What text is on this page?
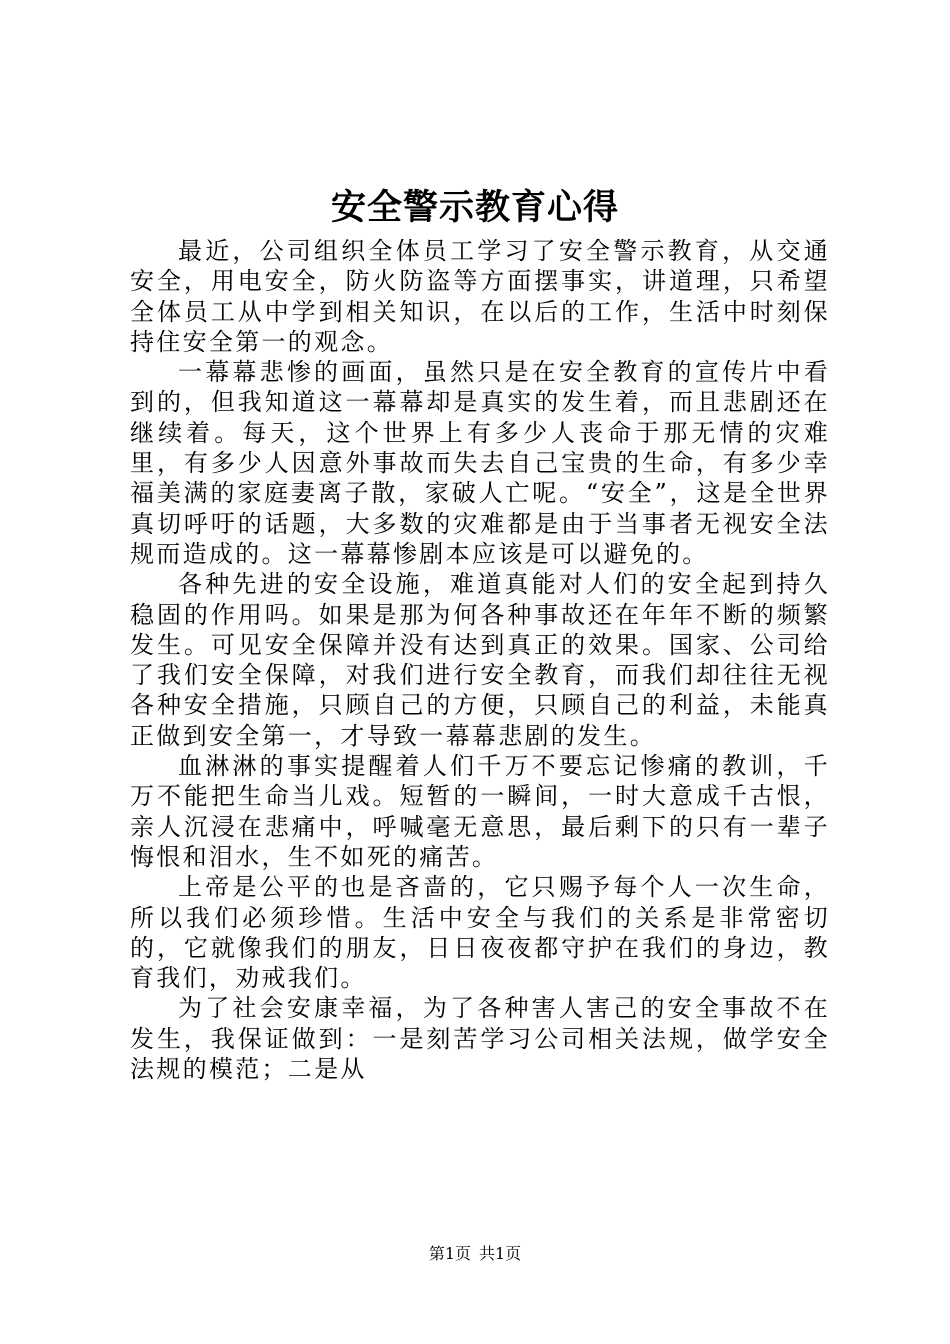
安全警示教育心得

最近，公司组织全体员工学习了安全警示教育，从交通安全，用电安全，防火防盗等方面摆事实，讲道理，只希望全体员工从中学到相关知识，在以后的工作，生活中时刻保持住安全第一的观念。

一幕幕悲惨的画面，虽然只是在安全教育的宣传片中看到的，但我知道这一幕幕却是真实的发生着，而且悲剧还在继续着。每天，这个世界上有多少人丧命于那无情的灾难里，有多少人因意外事故而失去自己宝贵的生命，有多少幸福美满的家庭妻离子散，家破人亡呢。“安全”，这是全世界真切呼吁的话题，大多数的灾难都是由于当事者无视安全法规而造成的。这一幕幕惨剧本应该是可以避免的。

各种先进的安全设施，难道真能对人们的安全起到持久稳固的作用吗。如果是那为何各种事故还在年年不断的频繁发生。可见安全保障并没有达到真正的效果。国家、公司给了我们安全保障，对我们进行安全教育，而我们却往往无视各种安全措施，只顾自己的方便，只顾自己的利益，未能真正做到安全第一，才导致一幕幕悲剧的发生。

血淋淋的事实提醒着人们千万不要忘记惨痛的教训，千万不能把生命当儿戏。短暂的一瞬间，一时大意成千古恨，亲人沉浸在悲痛中，呼喊毫无意思，最后剩下的只有一辈子悔恨和泪水，生不如死的痛苦。

上帝是公平的也是吝啬的，它只赐予每个人一次生命，所以我们必须珍惜。生活中安全与我们的关系是非常密切的，它就像我们的朋友，日日夜夜都守护在我们的身边，教育我们，劝戒我们。

为了社会安康幸福，为了各种害人害己的安全事故不在发生，我保证做到：一是刻苦学习公司相关法规，做学安全法规的模范；二是从

第1页 共1页
